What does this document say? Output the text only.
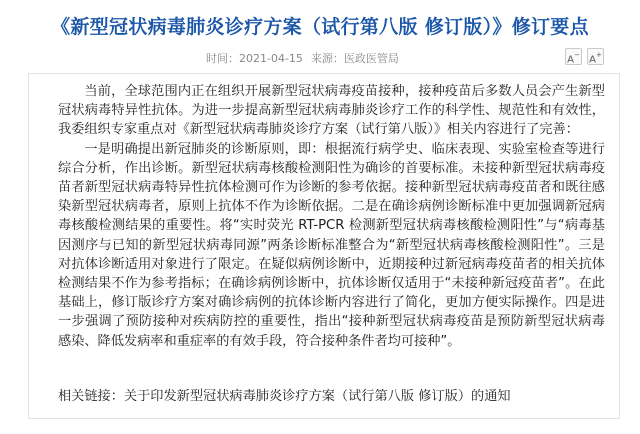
《新型冠状病毒肺炎诊疗方案（试行第八版 修订版）》修订要点
时间：2021-04-15 来源：医政医管局	A− A+

当前，全球范围内正在组织开展新型冠状病毒疫苗接种，接种疫苗后多数人员会产生新型冠状病毒特异性抗体。为进一步提高新型冠状病毒肺炎诊疗工作的科学性、规范性和有效性，我委组织专家重点对《新型冠状病毒肺炎诊疗方案（试行第八版）》相关内容进行了完善：

一是明确提出新冠肺炎的诊断原则，即：根据流行病学史、临床表现、实验室检查等进行综合分析，作出诊断。新型冠状病毒核酸检测阳性为确诊的首要标准。未接种新型冠状病毒疫苗者新型冠状病毒特异性抗体检测可作为诊断的参考依据。接种新型冠状病毒疫苗者和既往感染新型冠状病毒者，原则上抗体不作为诊断依据。二是在确诊病例诊断标准中更加强调新冠病毒核酸检测结果的重要性。将“实时荧光 RT-PCR 检测新型冠状病毒核酸检测阳性”与“病毒基因测序与已知的新型冠状病毒同源”两条诊断标准整合为“新型冠状病毒核酸检测阳性”。三是对抗体诊断适用对象进行了限定。在疑似病例诊断中，近期接种过新冠病毒疫苗者的相关抗体检测结果不作为参考指标；在确诊病例诊断中，抗体诊断仅适用于“未接种新冠疫苗者”。在此基础上，修订版诊疗方案对确诊病例的抗体诊断内容进行了简化，更加方便实际操作。四是进一步强调了预防接种对疾病防控的重要性，指出“接种新型冠状病毒疫苗是预防新型冠状病毒感染、降低发病率和重症率的有效手段，符合接种条件者均可接种”。

相关链接：关于印发新型冠状病毒肺炎诊疗方案（试行第八版 修订版）的通知
